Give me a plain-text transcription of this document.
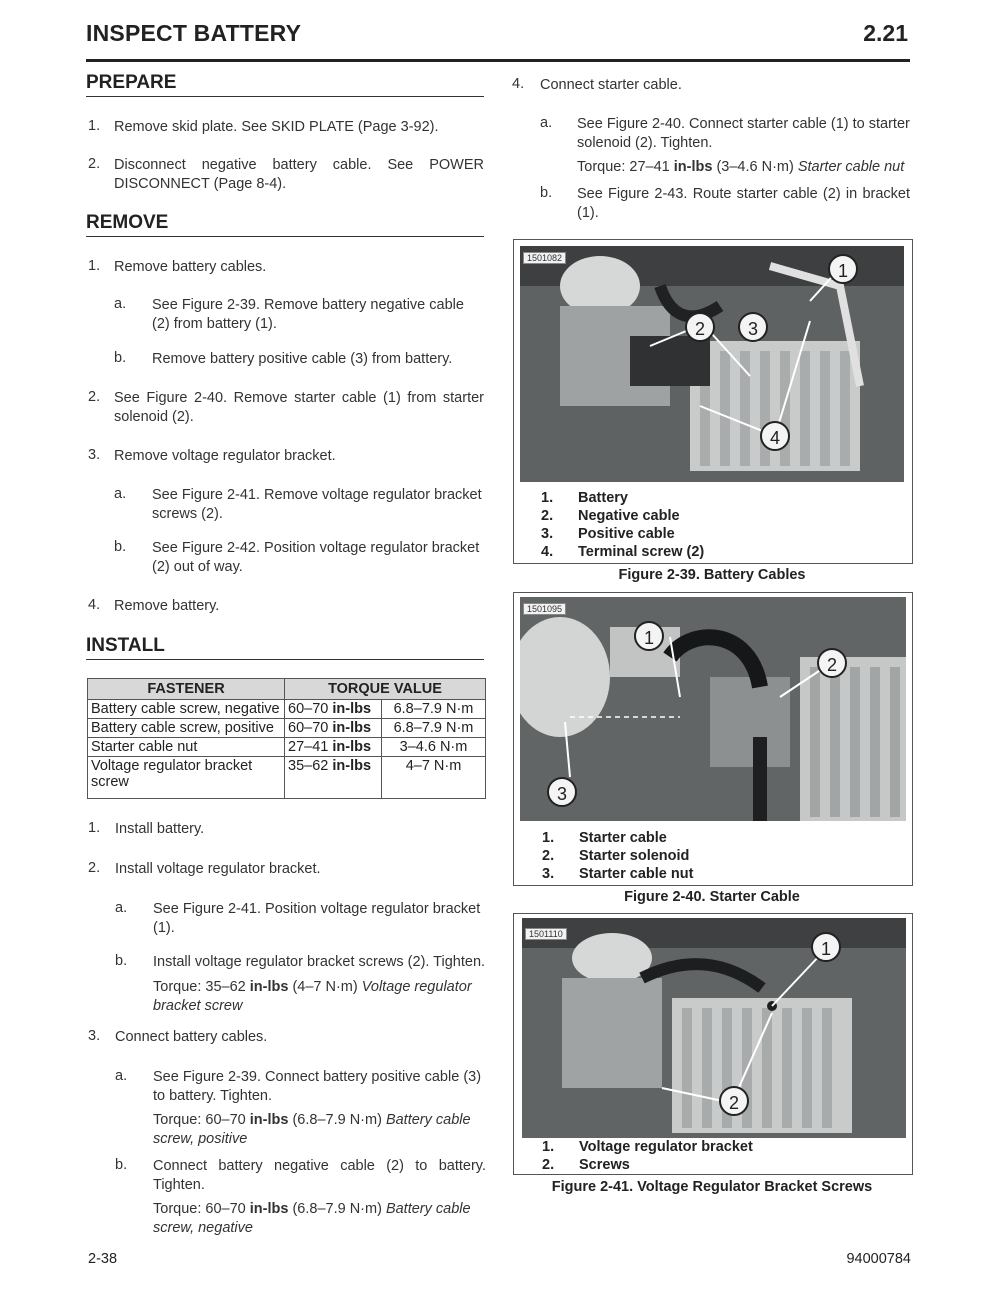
INSPECT BATTERY	2.21
PREPARE
1. Remove skid plate. See SKID PLATE (Page 3-92).
2. Disconnect negative battery cable. See POWER DISCONNECT (Page 8-4).
REMOVE
1. Remove battery cables.
a. See Figure 2-39. Remove battery negative cable (2) from battery (1).
b. Remove battery positive cable (3) from battery.
2. See Figure 2-40. Remove starter cable (1) from starter solenoid (2).
3. Remove voltage regulator bracket.
a. See Figure 2-41. Remove voltage regulator bracket screws (2).
b. See Figure 2-42. Position voltage regulator bracket (2) out of way.
4. Remove battery.
INSTALL
FASTENER	TORQUE VALUE	
Battery cable screw, negative	60–70 in-lbs	6.8–7.9 N·m
Battery cable screw, positive	60–70 in-lbs	6.8–7.9 N·m
Starter cable nut	27–41 in-lbs	3–4.6 N·m
Voltage regulator bracket screw	35–62 in-lbs	4–7 N·m
1. Install battery.
2. Install voltage regulator bracket.
a. See Figure 2-41. Position voltage regulator bracket (1).
b. Install voltage regulator bracket screws (2). Tighten.
Torque: 35–62 in-lbs (4–7 N·m) Voltage regulator bracket screw
3. Connect battery cables.
a. See Figure 2-39. Connect battery positive cable (3) to battery. Tighten.
Torque: 60–70 in-lbs (6.8–7.9 N·m) Battery cable screw, positive
b. Connect battery negative cable (2) to battery. Tighten.
Torque: 60–70 in-lbs (6.8–7.9 N·m) Battery cable screw, negative
4. Connect starter cable.
a. See Figure 2-40. Connect starter cable (1) to starter solenoid (2). Tighten.
Torque: 27–41 in-lbs (3–4.6 N·m) Starter cable nut
b. See Figure 2-43. Route starter cable (2) in bracket (1).
1501082
1
2	3
4
1. Battery
2. Negative cable
3. Positive cable
4. Terminal screw (2)
Figure 2-39. Battery Cables
1501095
1
2
3
1. Starter cable
2. Starter solenoid
3. Starter cable nut
Figure 2-40. Starter Cable
1501110
1
2
1. Voltage regulator bracket
2. Screws
Figure 2-41. Voltage Regulator Bracket Screws
2-38	94000784
